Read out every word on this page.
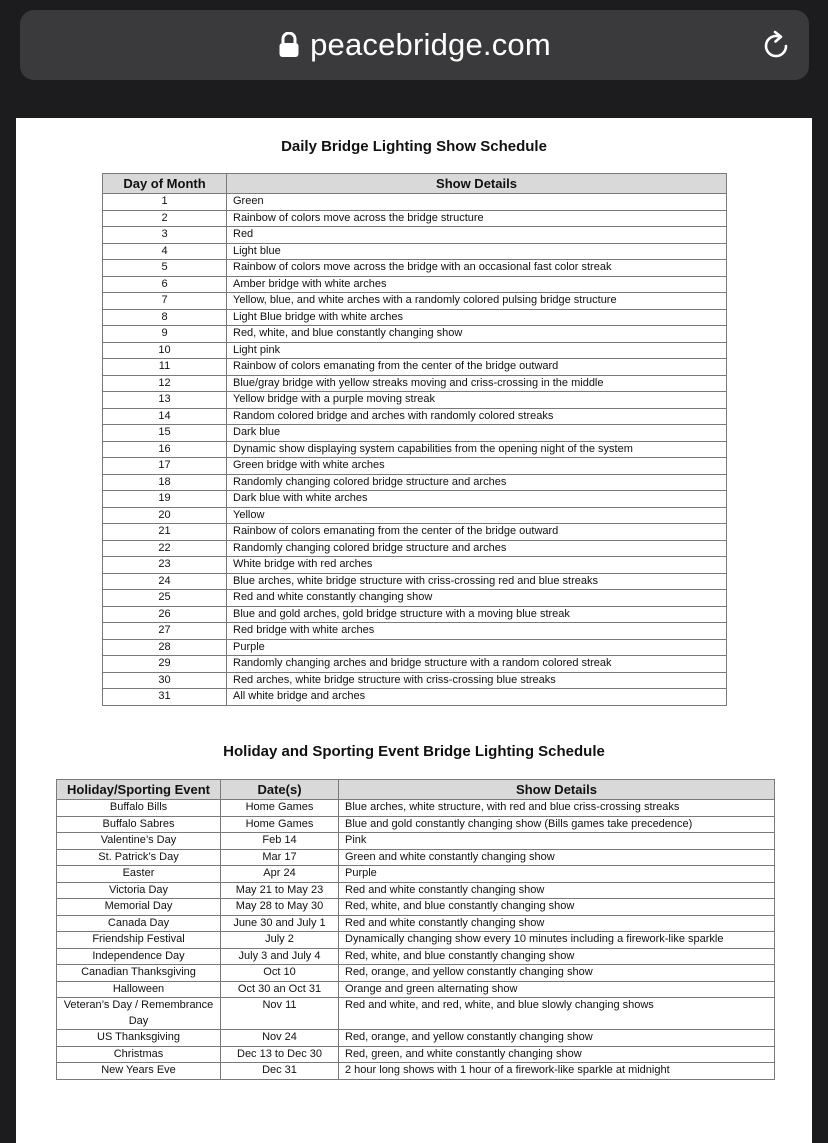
peacebridge.com
Daily Bridge Lighting Show Schedule
Day of Month	Show Details
1	Green
2	Rainbow of colors move across the bridge structure
3	Red
4	Light blue
5	Rainbow of colors move across the bridge with an occasional fast color streak
6	Amber bridge with white arches
7	Yellow, blue, and white arches with a randomly colored pulsing bridge structure
8	Light Blue bridge with white arches
9	Red, white, and blue constantly changing show
10	Light pink
11	Rainbow of colors emanating from the center of the bridge outward
12	Blue/gray bridge with yellow streaks moving and criss-crossing in the middle
13	Yellow bridge with a purple moving streak
14	Random colored bridge and arches with randomly colored streaks
15	Dark blue
16	Dynamic show displaying system capabilities from the opening night of the system
17	Green bridge with white arches
18	Randomly changing colored bridge structure and arches
19	Dark blue with white arches
20	Yellow
21	Rainbow of colors emanating from the center of the bridge outward
22	Randomly changing colored bridge structure and arches
23	White bridge with red arches
24	Blue arches, white bridge structure with criss-crossing red and blue streaks
25	Red and white constantly changing show
26	Blue and gold arches, gold bridge structure with a moving blue streak
27	Red bridge with white arches
28	Purple
29	Randomly changing arches and bridge structure with a random colored streak
30	Red arches, white bridge structure with criss-crossing blue streaks
31	All white bridge and arches
Holiday and Sporting Event Bridge Lighting Schedule
Holiday/Sporting Event	Date(s)	Show Details
Buffalo Bills	Home Games	Blue arches, white structure, with red and blue criss-crossing streaks
Buffalo Sabres	Home Games	Blue and gold constantly changing show (Bills games take precedence)
Valentine’s Day	Feb 14	Pink
St. Patrick’s Day	Mar 17	Green and white constantly changing show
Easter	Apr 24	Purple
Victoria Day	May 21 to May 23	Red and white constantly changing show
Memorial Day	May 28 to May 30	Red, white, and blue constantly changing show
Canada Day	June 30 and July 1	Red and white constantly changing show
Friendship Festival	July 2	Dynamically changing show every 10 minutes including a firework-like sparkle
Independence Day	July 3 and July 4	Red, white, and blue constantly changing show
Canadian Thanksgiving	Oct 10	Red, orange, and yellow constantly changing show
Halloween	Oct 30 an Oct 31	Orange and green alternating show
Veteran’s Day / Remembrance Day	Nov 11	Red and white, and red, white, and blue slowly changing shows
US Thanksgiving	Nov 24	Red, orange, and yellow constantly changing show
Christmas	Dec 13 to Dec 30	Red, green, and white constantly changing show
New Years Eve	Dec 31	2 hour long shows with 1 hour of a firework-like sparkle at midnight
